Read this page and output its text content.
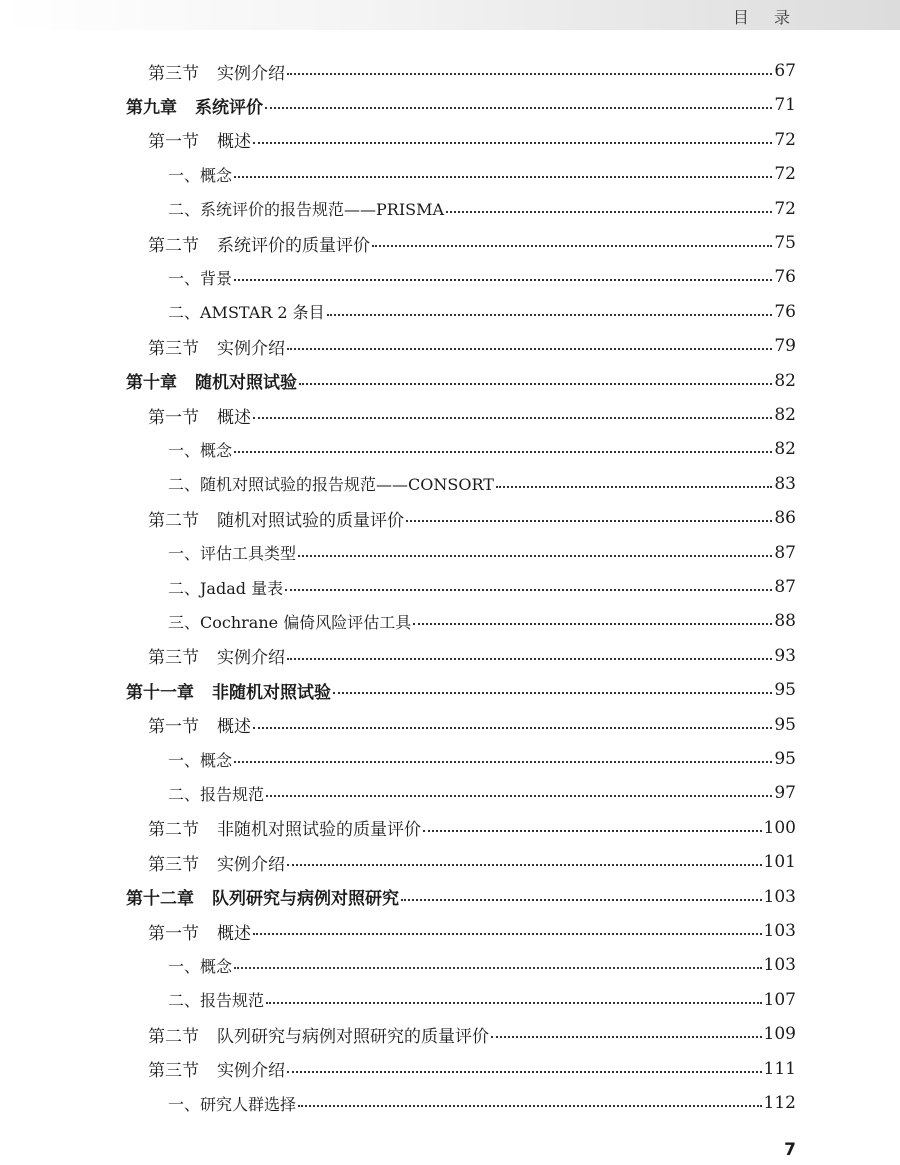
目 录
第三节 实例介绍	67
第九章 系统评价	71
第一节 概述	72
一、概念	72
二、系统评价的报告规范——PRISMA	72
第二节 系统评价的质量评价	75
一、背景	76
二、AMSTAR 2 条目	76
第三节 实例介绍	79
第十章 随机对照试验	82
第一节 概述	82
一、概念	82
二、随机对照试验的报告规范——CONSORT	83
第二节 随机对照试验的质量评价	86
一、评估工具类型	87
二、Jadad 量表	87
三、Cochrane 偏倚风险评估工具	88
第三节 实例介绍	93
第十一章 非随机对照试验	95
第一节 概述	95
一、概念	95
二、报告规范	97
第二节 非随机对照试验的质量评价	100
第三节 实例介绍	101
第十二章 队列研究与病例对照研究	103
第一节 概述	103
一、概念	103
二、报告规范	107
第二节 队列研究与病例对照研究的质量评价	109
第三节 实例介绍	111
一、研究人群选择	112
7
